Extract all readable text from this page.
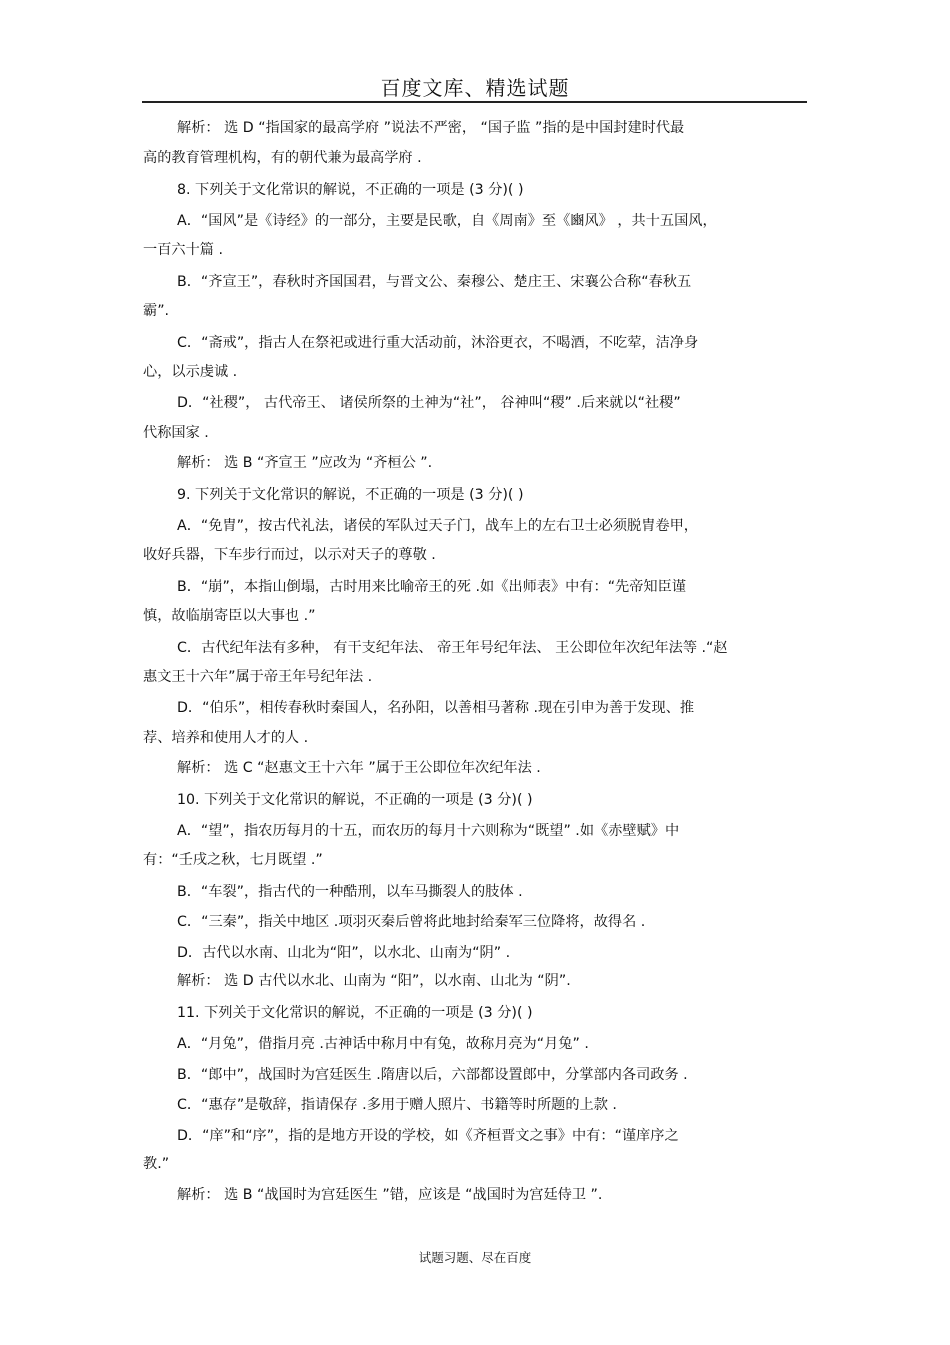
百度文库、精选试题
解析： 选 D “指国家的最高学府 ”说法不严密， “国子监 ”指的是中国封建时代最
高的教育管理机构，有的朝代兼为最高学府 .
8. 下列关于文化常识的解说，不正确的一项是 (3 分)( )
A．“国风”是《诗经》的一部分，主要是民歌，自《周南》至《豳风》 ，共十五国风，
一百六十篇 .
B．“齐宣王”，春秋时齐国国君，与晋文公、秦穆公、楚庄王、宋襄公合称“春秋五
霸”.
C．“斋戒”，指古人在祭祀或进行重大活动前，沐浴更衣，不喝酒，不吃荤，洁净身
心，以示虔诚 .
D．“社稷”， 古代帝王、 诸侯所祭的土神为“社”， 谷神叫“稷” .后来就以“社稷”
代称国家 .
解析： 选 B “齐宣王 ”应改为 “齐桓公 ”.
9. 下列关于文化常识的解说，不正确的一项是 (3 分)( )
A．“免胄”，按古代礼法，诸侯的军队过天子门，战车上的左右卫士必须脱胄卷甲，
收好兵器，下车步行而过，以示对天子的尊敬 .
B．“崩”，本指山倒塌，古时用来比喻帝王的死 .如《出师表》中有：“先帝知臣谨
慎，故临崩寄臣以大事也 .”
C．古代纪年法有多种， 有干支纪年法、 帝王年号纪年法、 王公即位年次纪年法等 .“赵
惠文王十六年”属于帝王年号纪年法 .
D．“伯乐”，相传春秋时秦国人，名孙阳，以善相马著称 .现在引申为善于发现、推
荐、培养和使用人才的人 .
解析： 选 C “赵惠文王十六年 ”属于王公即位年次纪年法 .
10. 下列关于文化常识的解说，不正确的一项是 (3 分)( )
A．“望”，指农历每月的十五，而农历的每月十六则称为“既望” .如《赤壁赋》中
有：“壬戌之秋，七月既望 .”
B．“车裂”，指古代的一种酷刑，以车马撕裂人的肢体 .
C．“三秦”，指关中地区 .项羽灭秦后曾将此地封给秦军三位降将，故得名 .
D．古代以水南、山北为“阳”，以水北、山南为“阴” .
解析： 选 D 古代以水北、山南为 “阳”，以水南、山北为 “阴”.
11. 下列关于文化常识的解说，不正确的一项是 (3 分)( )
A．“月兔”，借指月亮 .古神话中称月中有兔，故称月亮为“月兔” .
B．“郎中”，战国时为宫廷医生 .隋唐以后，六部都设置郎中，分掌部内各司政务 .
C．“惠存”是敬辞，指请保存 .多用于赠人照片、书籍等时所题的上款 .
D．“庠”和“序”，指的是地方开设的学校，如《齐桓晋文之事》中有：“谨庠序之
教.”
解析： 选 B “战国时为宫廷医生 ”错，应该是 “战国时为宫廷侍卫 ”.
试题习题、尽在百度
